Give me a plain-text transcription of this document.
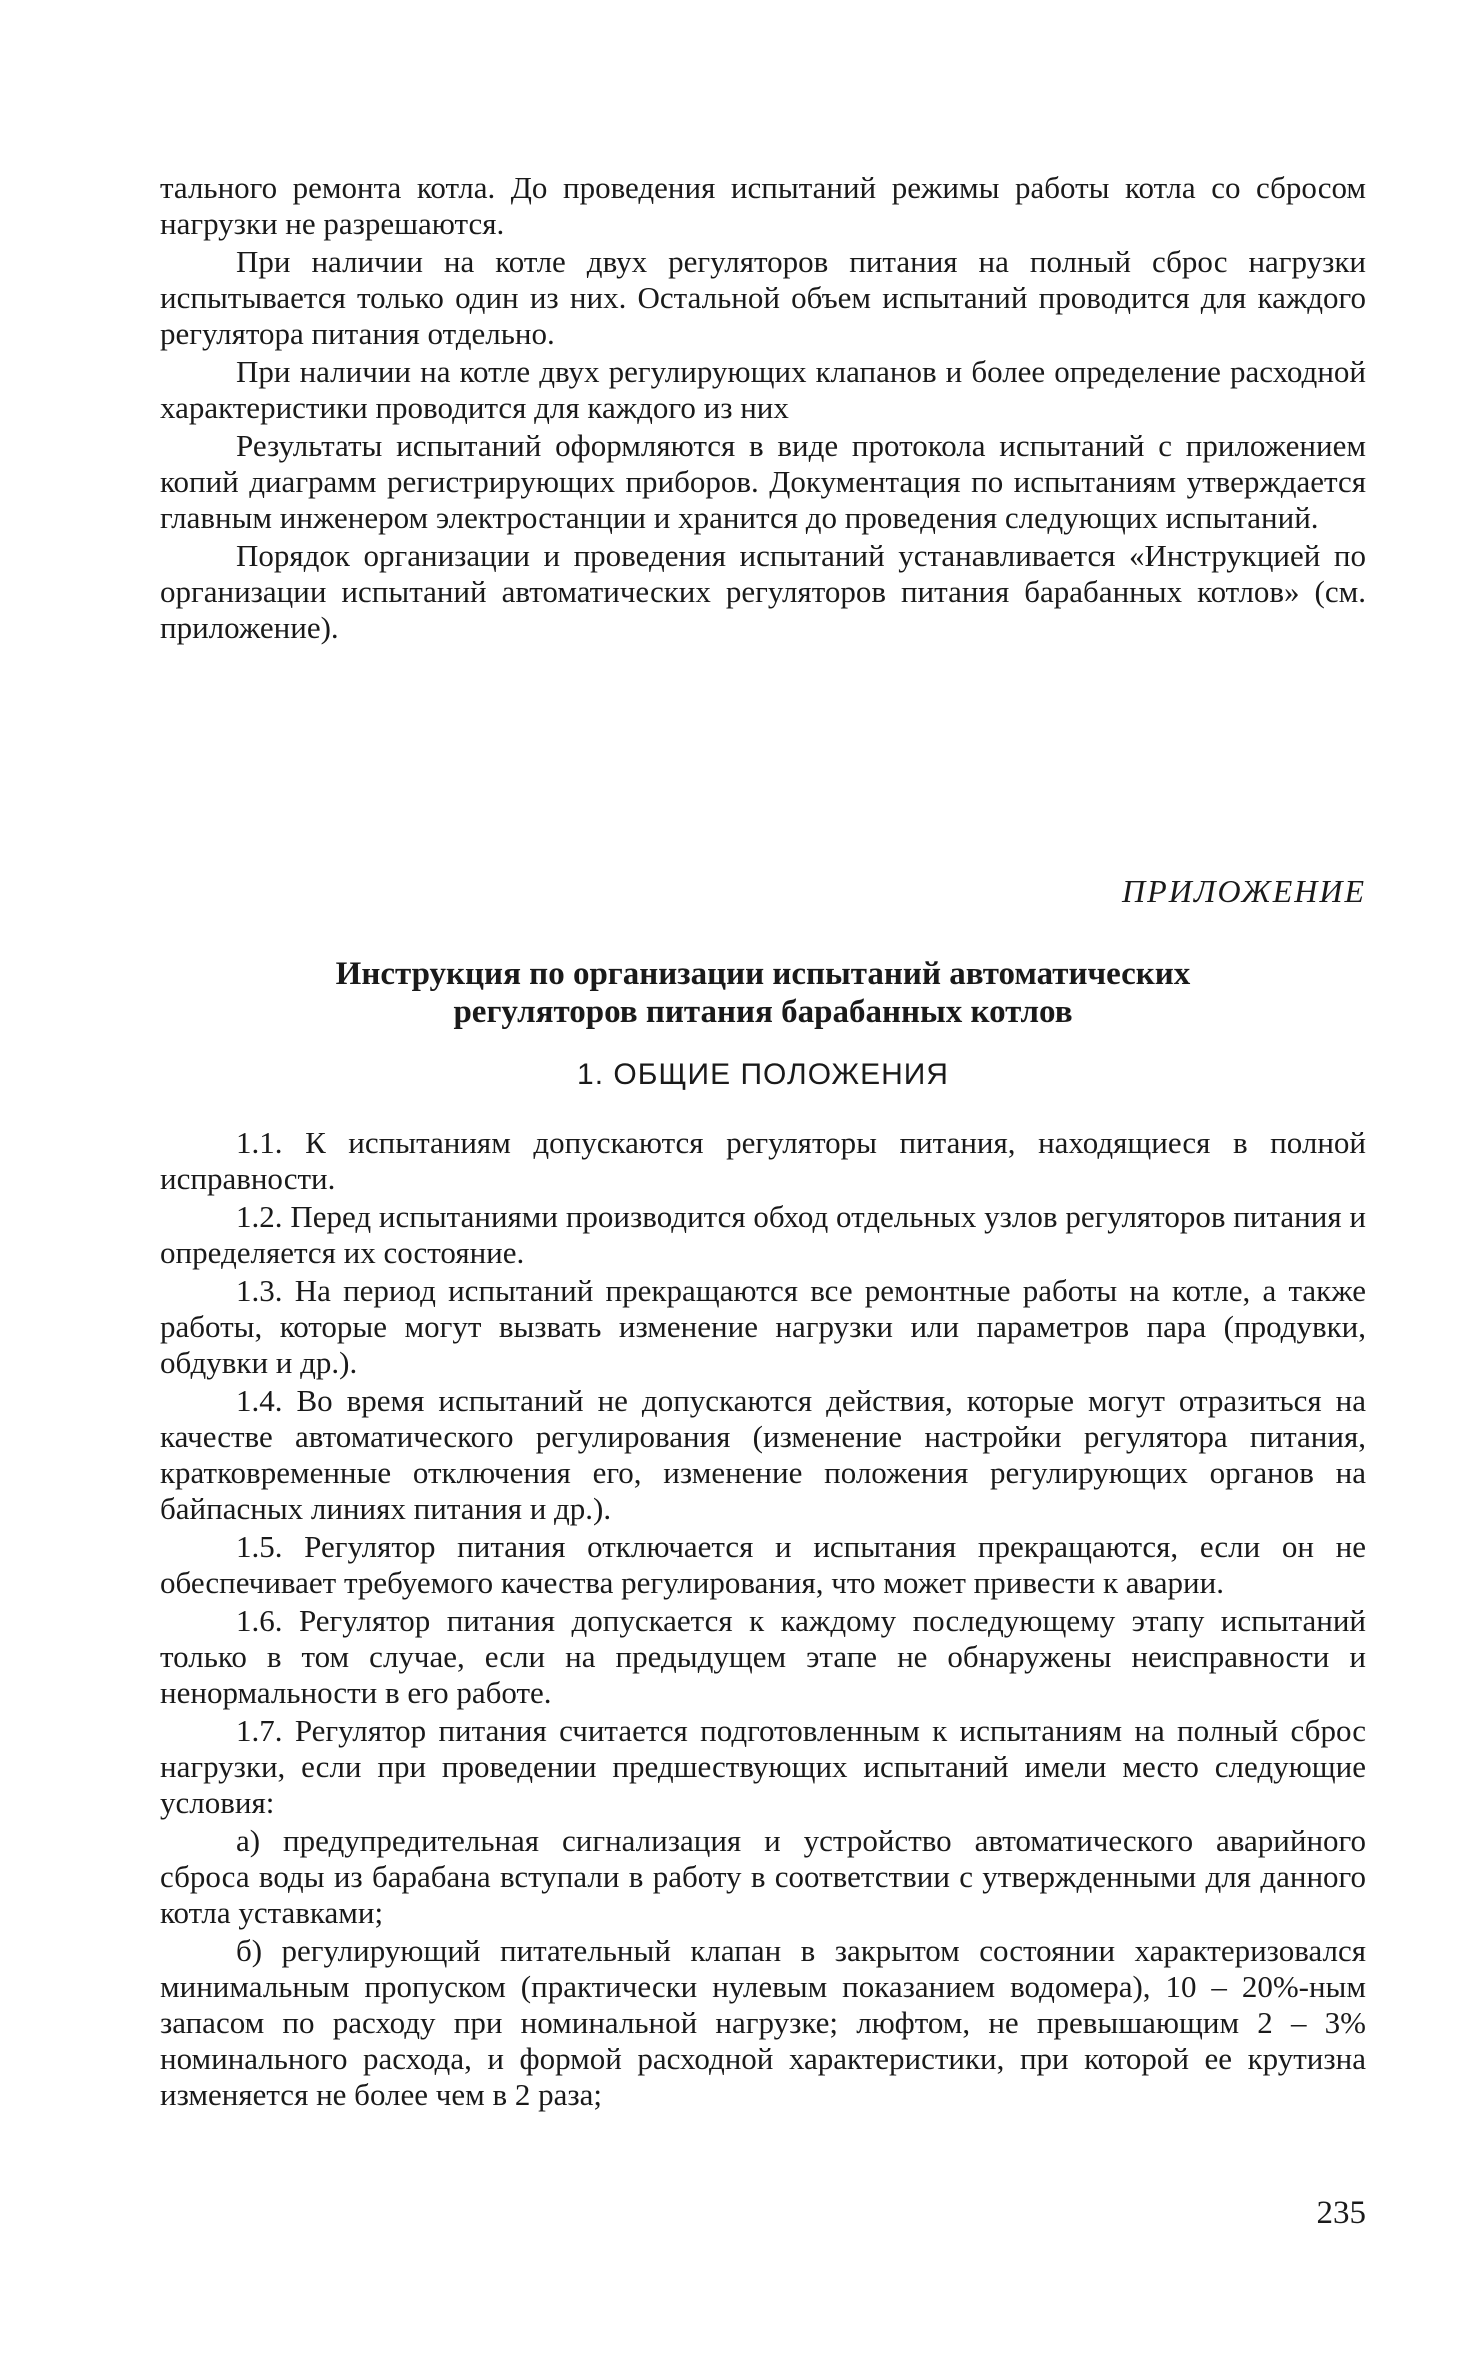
тального ремонта котла. До проведения испытаний режимы работы котла со сбросом нагрузки не разрешаются.

При наличии на котле двух регуляторов питания на полный сброс нагрузки испытывается только один из них. Остальной объем испытаний проводится для каждого регулятора питания отдельно.

При наличии на котле двух регулирующих клапанов и более определение расходной характеристики проводится для каждого из них

Результаты испытаний оформляются в виде протокола испытаний с приложением копий диаграмм регистрирующих приборов. Документация по испытаниям утверждается главным инженером электростанции и хранится до проведения следующих испытаний.

Порядок организации и проведения испытаний устанавливается «Инструкцией по организации испытаний автоматических регуляторов питания барабанных котлов» (см. приложение).

ПРИЛОЖЕНИЕ
Инструкция по организации испытаний автоматических
регуляторов питания барабанных котлов
1. ОБЩИЕ ПОЛОЖЕНИЯ

1.1. К испытаниям допускаются регуляторы питания, находящиеся в полной исправности.

1.2. Перед испытаниями производится обход отдельных узлов регуляторов питания и определяется их состояние.

1.3. На период испытаний прекращаются все ремонтные работы на котле, а также работы, которые могут вызвать изменение нагрузки или параметров пара (продувки, обдувки и др.).

1.4. Во время испытаний не допускаются действия, которые могут отразиться на качестве автоматического регулирования (изменение настройки регулятора питания, кратковременные отключения его, изменение положения регулирующих органов на байпасных линиях питания и др.).

1.5. Регулятор питания отключается и испытания прекращаются, если он не обеспечивает требуемого качества регулирования, что может привести к аварии.

1.6. Регулятор питания допускается к каждому последующему этапу испытаний только в том случае, если на предыдущем этапе не обнаружены неисправности и ненормальности в его работе.

1.7. Регулятор питания считается подготовленным к испытаниям на полный сброс нагрузки, если при проведении предшествующих испытаний имели место следующие условия:

а) предупредительная сигнализация и устройство автоматического аварийного сброса воды из барабана вступали в работу в соответствии с утвержденными для данного котла уставками;

б) регулирующий питательный клапан в закрытом состоянии характеризовался минимальным пропуском (практически нулевым показанием водомера), 10 – 20%-ным запасом по расходу при номинальной нагрузке; люфтом, не превышающим 2 – 3% номинального расхода, и формой расходной характеристики, при которой ее крутизна изменяется не более чем в 2 раза;

235
